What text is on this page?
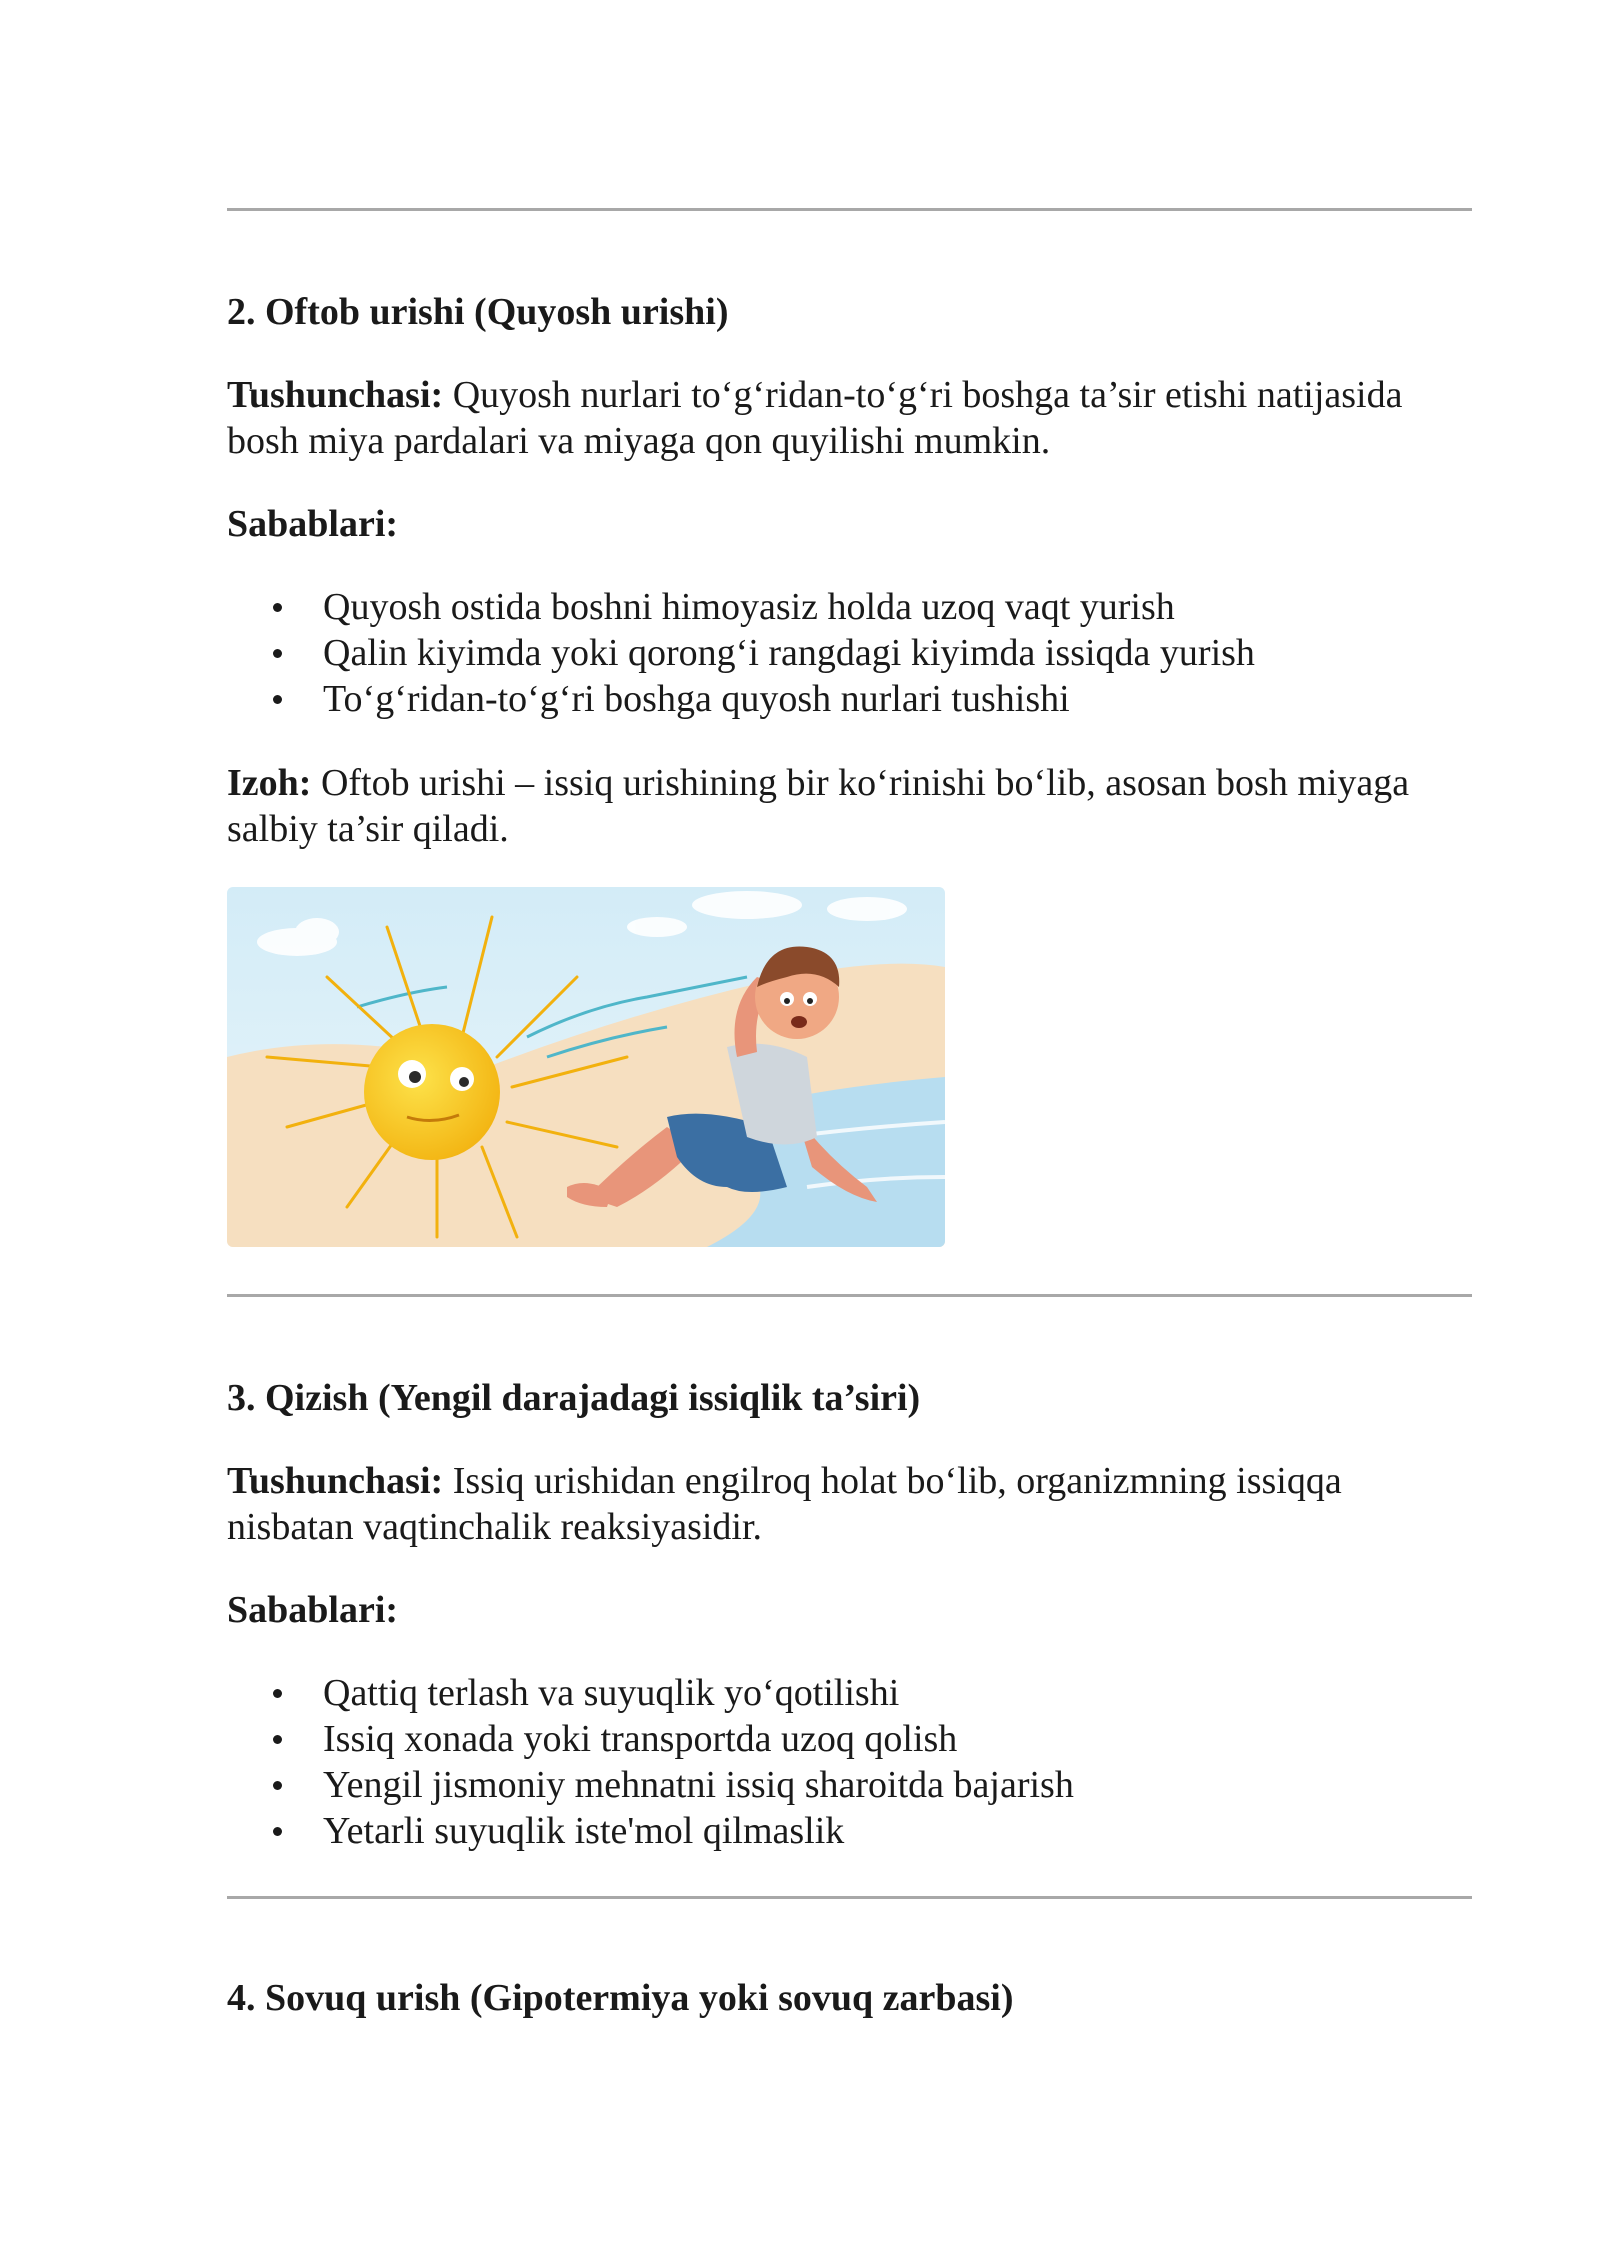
2. Oftob urishi (Quyosh urishi)

Tushunchasi: Quyosh nurlari to‘g‘ridan-to‘g‘ri boshga ta’sir etishi natijasida bosh miya pardalari va miyaga qon quyilishi mumkin.

Sabablari:

Quyosh ostida boshni himoyasiz holda uzoq vaqt yurish
Qalin kiyimda yoki qorong‘i rangdagi kiyimda issiqda yurish
To‘g‘ridan-to‘g‘ri boshga quyosh nurlari tushishi

Izoh: Oftob urishi – issiq urishining bir ko‘rinishi bo‘lib, asosan bosh miyaga salbiy ta’sir qiladi.

3. Qizish (Yengil darajadagi issiqlik ta’siri)

Tushunchasi: Issiq urishidan engilroq holat bo‘lib, organizmning issiqqa nisbatan vaqtinchalik reaksiyasidir.

Sabablari:

Qattiq terlash va suyuqlik yo‘qotilishi
Issiq xonada yoki transportda uzoq qolish
Yengil jismoniy mehnatni issiq sharoitda bajarish
Yetarli suyuqlik iste'mol qilmaslik
4. Sovuq urish (Gipotermiya yoki sovuq zarbasi)
